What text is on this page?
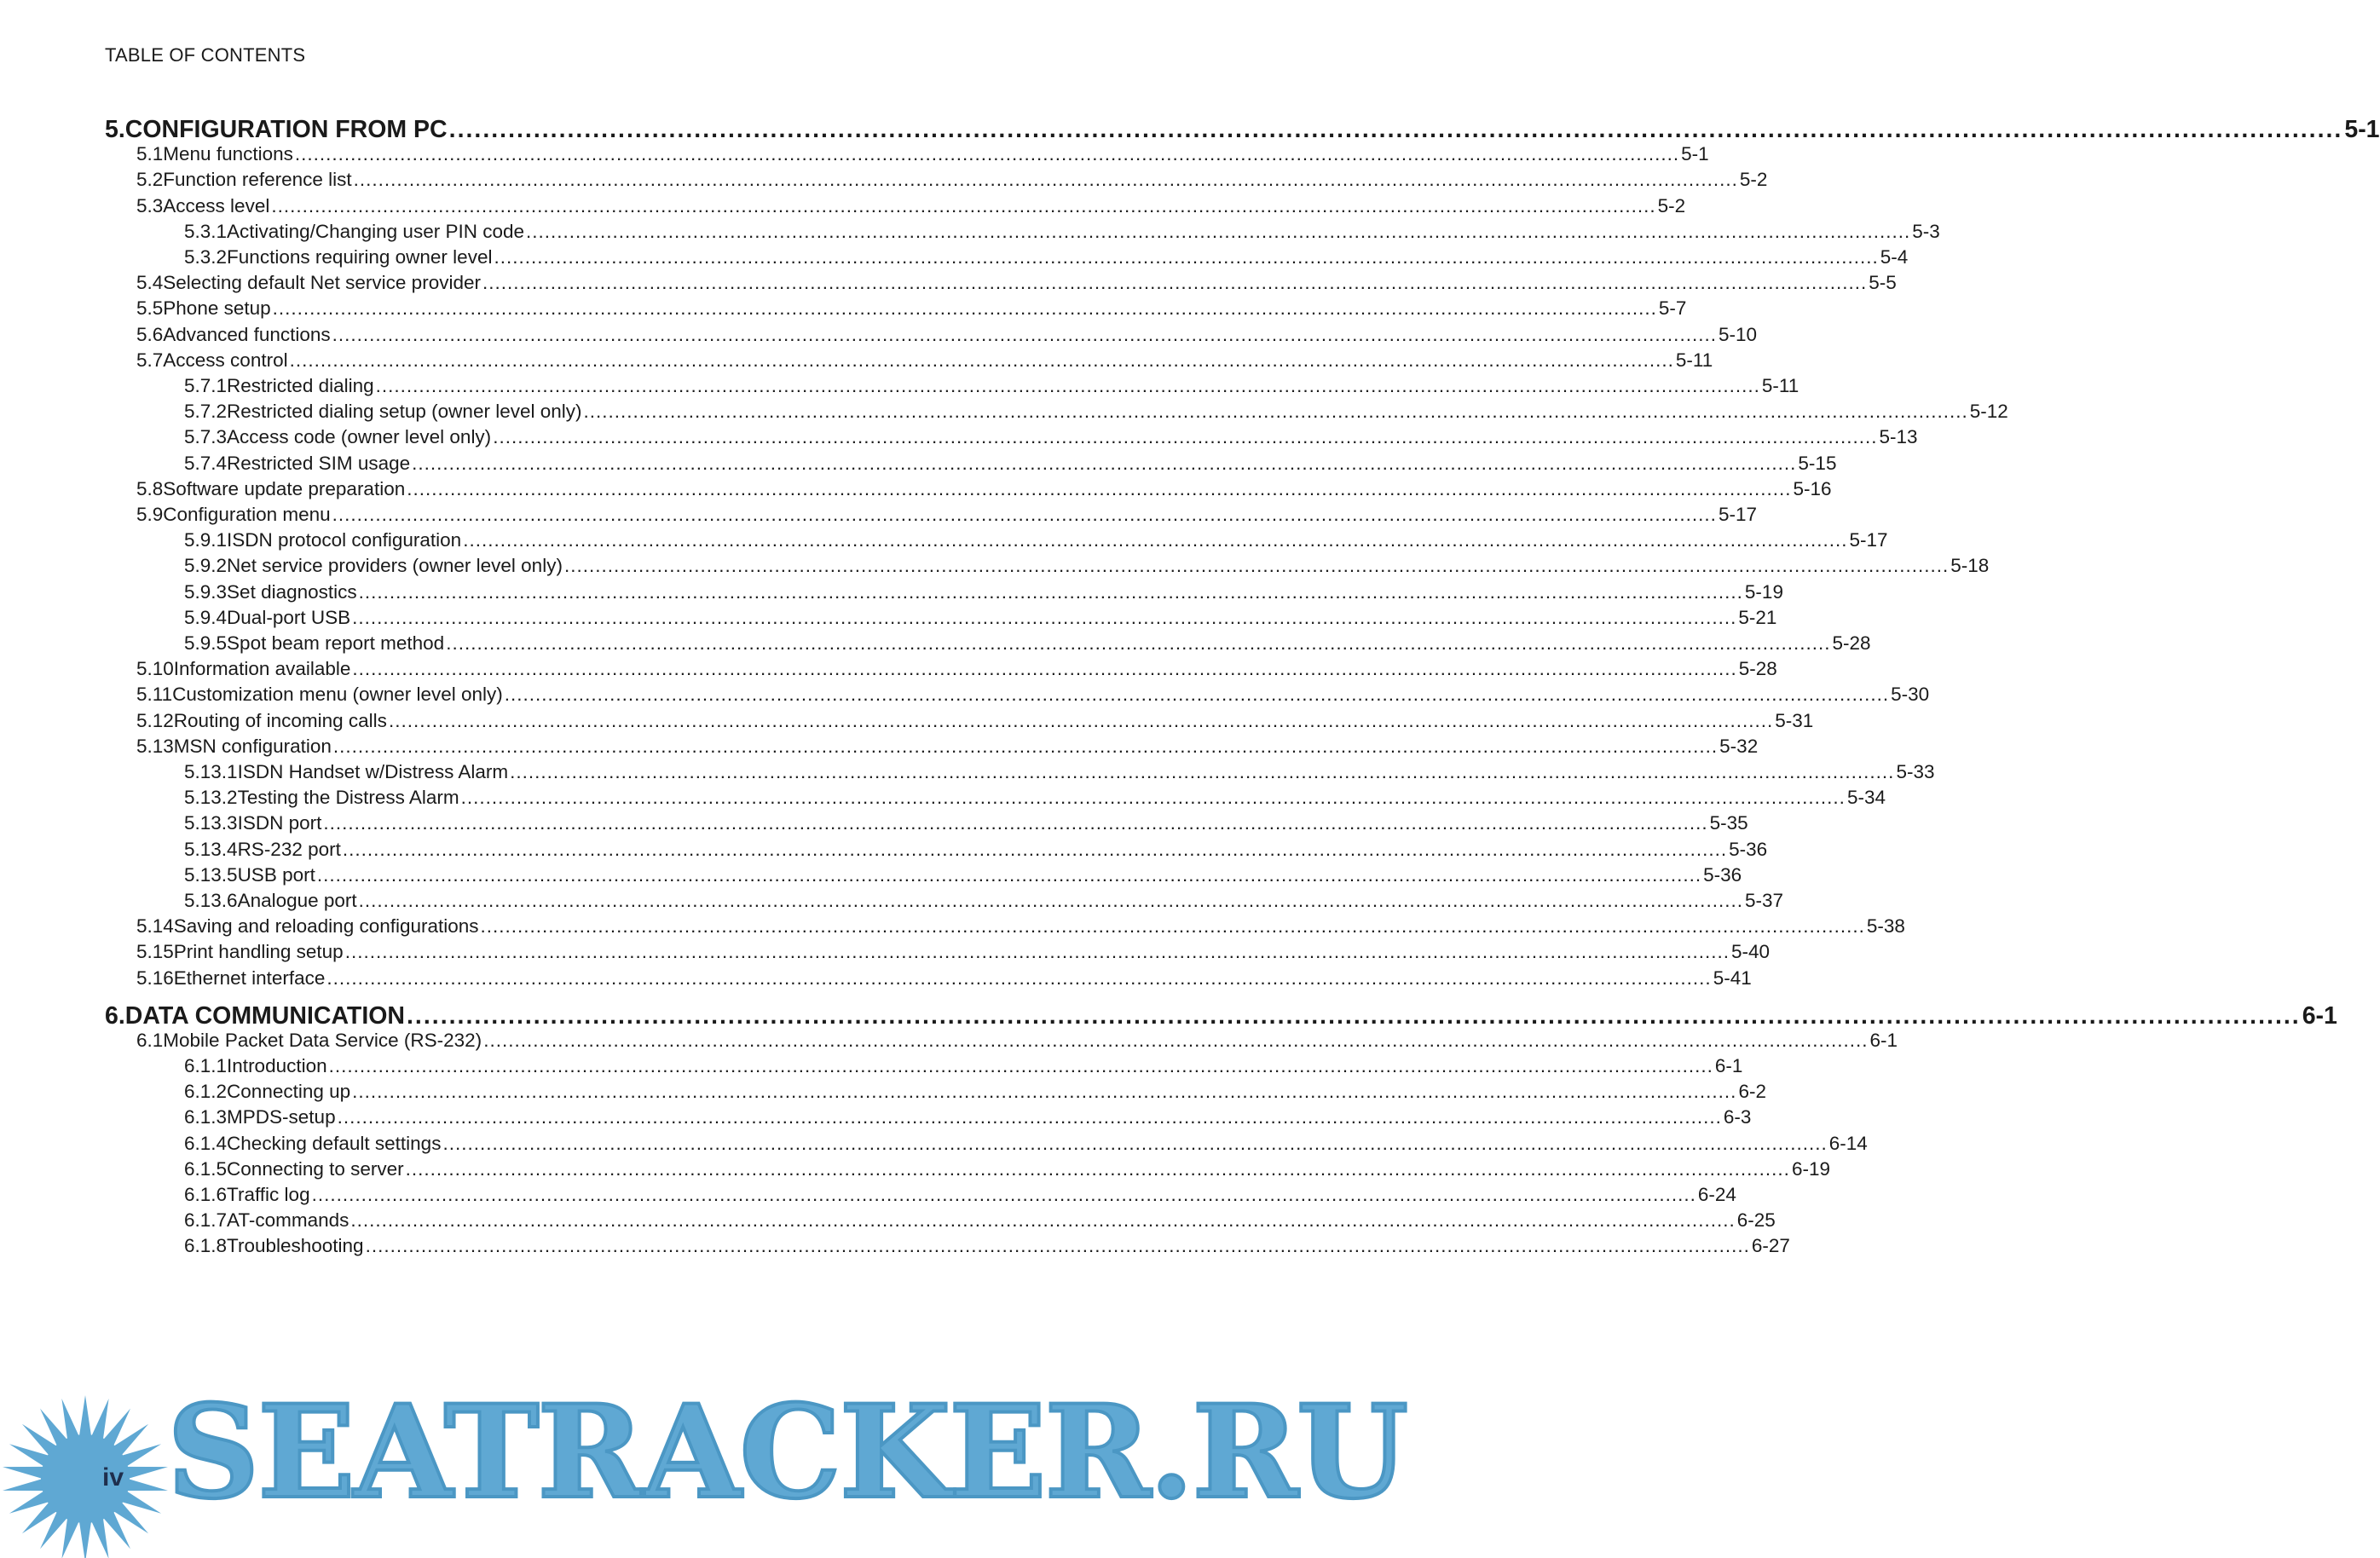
TABLE OF CONTENTS
5. CONFIGURATION FROM PC .....	5-1
5.1 Menu functions .....	5-1
5.2 Function reference list .....	5-2
5.3 Access level .....	5-2
5.3.1 Activating/Changing user PIN code .....	5-3
5.3.2 Functions requiring owner level .....	5-4
5.4 Selecting default Net service provider .....	5-5
5.5 Phone setup .....	5-7
5.6 Advanced functions .....	5-10
5.7 Access control .....	5-11
5.7.1 Restricted dialing .....	5-11
5.7.2 Restricted dialing setup (owner level only) .....	5-12
5.7.3 Access code (owner level only) .....	5-13
5.7.4 Restricted SIM usage .....	5-15
5.8 Software update preparation .....	5-16
5.9 Configuration menu .....	5-17
5.9.1 ISDN protocol configuration .....	5-17
5.9.2 Net service providers (owner level only) .....	5-18
5.9.3 Set diagnostics .....	5-19
5.9.4 Dual-port USB .....	5-21
5.9.5 Spot beam report method .....	5-28
5.10 Information available .....	5-28
5.11 Customization menu (owner level only) .....	5-30
5.12 Routing of incoming calls .....	5-31
5.13 MSN configuration .....	5-32
5.13.1 ISDN Handset w/Distress Alarm .....	5-33
5.13.2 Testing the Distress Alarm .....	5-34
5.13.3 ISDN port .....	5-35
5.13.4 RS-232 port .....	5-36
5.13.5 USB port .....	5-36
5.13.6 Analogue port .....	5-37
5.14 Saving and reloading configurations .....	5-38
5.15 Print handling setup .....	5-40
5.16 Ethernet interface .....	5-41
6. DATA COMMUNICATION .....	6-1
6.1 Mobile Packet Data Service (RS-232) .....	6-1
6.1.1 Introduction .....	6-1
6.1.2 Connecting up .....	6-2
6.1.3 MPDS-setup .....	6-3
6.1.4 Checking default settings .....	6-14
6.1.5 Connecting to server .....	6-19
6.1.6 Traffic log .....	6-24
6.1.7 AT-commands .....	6-25
6.1.8 Troubleshooting .....	6-27
iv SEATRACKER.RU
